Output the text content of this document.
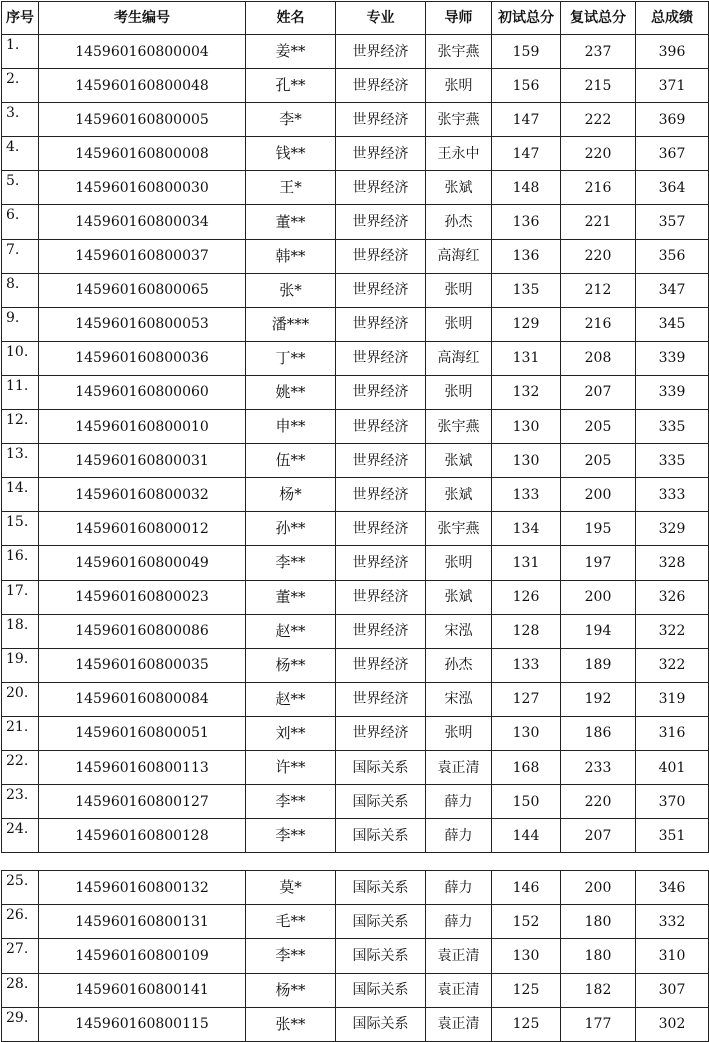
序号	考生编号	姓名	专业	导师	初试总分	复试总分	总成绩
1.	145960160800004	姜**	世界经济	张宇燕	159	237	396
2.	145960160800048	孔**	世界经济	张明	156	215	371
3.	145960160800005	李*	世界经济	张宇燕	147	222	369
4.	145960160800008	钱**	世界经济	王永中	147	220	367
5.	145960160800030	王*	世界经济	张斌	148	216	364
6.	145960160800034	董**	世界经济	孙杰	136	221	357
7.	145960160800037	韩**	世界经济	高海红	136	220	356
8.	145960160800065	张*	世界经济	张明	135	212	347
9.	145960160800053	潘***	世界经济	张明	129	216	345
10.	145960160800036	丁**	世界经济	高海红	131	208	339
11.	145960160800060	姚**	世界经济	张明	132	207	339
12.	145960160800010	申**	世界经济	张宇燕	130	205	335
13.	145960160800031	伍**	世界经济	张斌	130	205	335
14.	145960160800032	杨*	世界经济	张斌	133	200	333
15.	145960160800012	孙**	世界经济	张宇燕	134	195	329
16.	145960160800049	李**	世界经济	张明	131	197	328
17.	145960160800023	董**	世界经济	张斌	126	200	326
18.	145960160800086	赵**	世界经济	宋泓	128	194	322
19.	145960160800035	杨**	世界经济	孙杰	133	189	322
20.	145960160800084	赵**	世界经济	宋泓	127	192	319
21.	145960160800051	刘**	世界经济	张明	130	186	316
22.	145960160800113	许**	国际关系	袁正清	168	233	401
23.	145960160800127	李**	国际关系	薛力	150	220	370
24.	145960160800128	李**	国际关系	薛力	144	207	351
25.	145960160800132	莫*	国际关系	薛力	146	200	346
26.	145960160800131	毛**	国际关系	薛力	152	180	332
27.	145960160800109	李**	国际关系	袁正清	130	180	310
28.	145960160800141	杨**	国际关系	袁正清	125	182	307
29.	145960160800115	张**	国际关系	袁正清	125	177	302
